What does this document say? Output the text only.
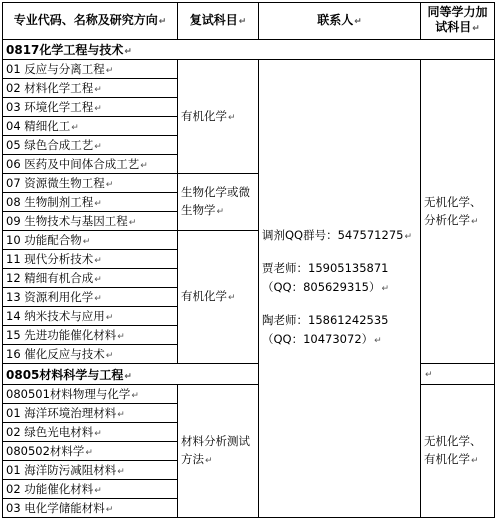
专业代码、名称及研究方向↵	复试科目↵	联系人↵	同等学力加试科目↵
0817化学工程与技术↵			
01 反应与分离工程↵	有机化学↵	调剂QQ群号：547571275↵

贾老师：15905135871（QQ：805629315）↵

陶老师：15861242535（QQ：10473072）↵	无机化学、分析化学↵
02 材料化学工程↵			
03 环境化学工程↵			
04 精细化工↵			
05 绿色合成工艺↵			
06 医药及中间体合成工艺↵			
07 资源微生物工程↵	生物化学或微生物学↵		
08 生物制剂工程↵			
09 生物技术与基因工程↵			
10 功能配合物↵	有机化学↵		
11 现代分析技术↵			
12 精细有机合成↵			
13 资源利用化学↵			
14 纳米技术与应用↵			
15 先进功能催化材料↵			
16 催化反应与技术↵			
0805材料科学与工程↵			↵
080501材料物理与化学↵	材料分析测试方法↵		无机化学、有机化学↵
01 海洋环境治理材料↵			
02 绿色光电材料↵			
080502材料学↵			
01 海洋防污减阻材料↵			
02 功能催化材料↵			
03 电化学储能材料↵			
